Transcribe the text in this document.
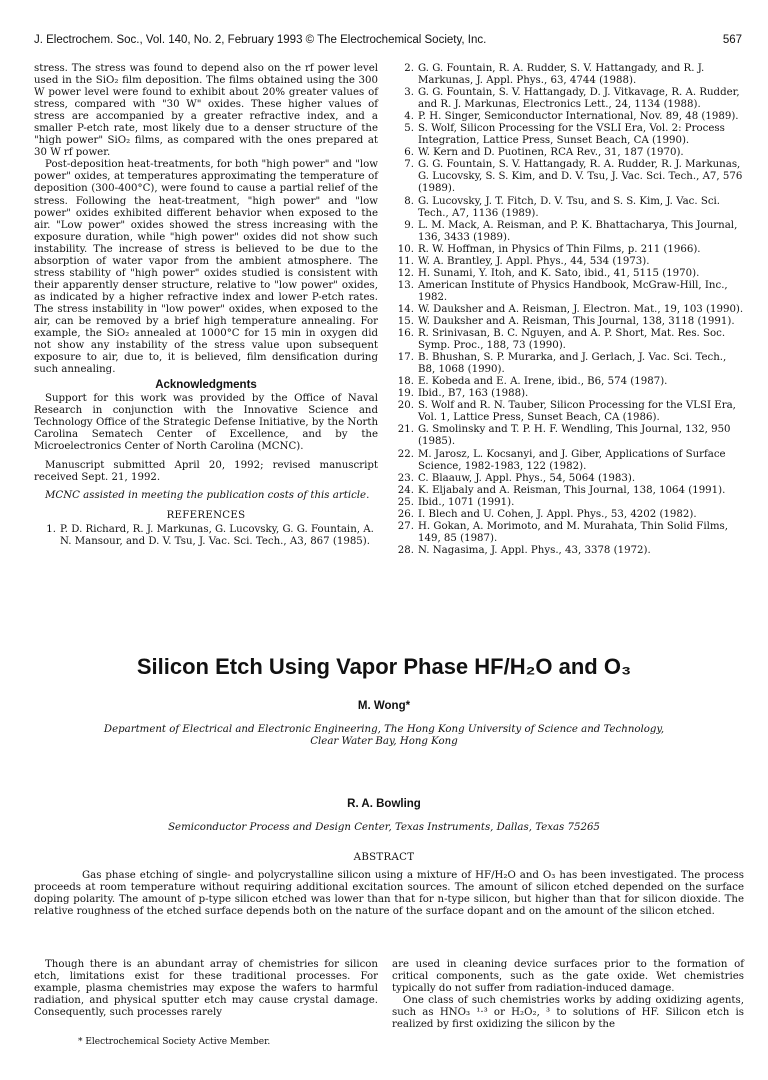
J. Electrochem. Soc., Vol. 140, No. 2, February 1993 © The Electrochemical Society, Inc.	567

stress. The stress was found to depend also on the rf power level used in the SiO₂ film deposition. The films obtained using the 300 W power level were found to exhibit about 20% greater values of stress, compared with "30 W" oxides. These higher values of stress are accompanied by a greater refractive index, and a smaller P-etch rate, most likely due to a denser structure of the "high power" SiO₂ films, as compared with the ones prepared at 30 W rf power.

Post-deposition heat-treatments, for both "high power" and "low power" oxides, at temperatures approximating the temperature of deposition (300-400°C), were found to cause a partial relief of the stress. Following the heat-treatment, "high power" and "low power" oxides exhibited different behavior when exposed to the air. "Low power" oxides showed the stress increasing with the exposure duration, while "high power" oxides did not show such instability. The increase of stress is believed to be due to the absorption of water vapor from the ambient atmosphere. The stress stability of "high power" oxides studied is consistent with their apparently denser structure, relative to "low power" oxides, as indicated by a higher refractive index and lower P-etch rates. The stress instability in "low power" oxides, when exposed to the air, can be removed by a brief high temperature annealing. For example, the SiO₂ annealed at 1000°C for 15 min in oxygen did not show any instability of the stress value upon subsequent exposure to air, due to, it is believed, film densification during such annealing.

Acknowledgments

Support for this work was provided by the Office of Naval Research in conjunction with the Innovative Science and Technology Office of the Strategic Defense Initiative, by the North Carolina Sematech Center of Excellence, and by the Microelectronics Center of North Carolina (MCNC).

Manuscript submitted April 20, 1992; revised manuscript received Sept. 21, 1992.

MCNC assisted in meeting the publication costs of this article.

REFERENCES
1. P. D. Richard, R. J. Markunas, G. Lucovsky, G. G. Fountain, A. N. Mansour, and D. V. Tsu, J. Vac. Sci. Tech., A3, 867 (1985).
2. G. G. Fountain, R. A. Rudder, S. V. Hattangady, and R. J. Markunas, J. Appl. Phys., 63, 4744 (1988).
3. G. G. Fountain, S. V. Hattangady, D. J. Vitkavage, R. A. Rudder, and R. J. Markunas, Electronics Lett., 24, 1134 (1988).
4. P. H. Singer, Semiconductor International, Nov. 89, 48 (1989).
5. S. Wolf, Silicon Processing for the VSLI Era, Vol. 2: Process Integration, Lattice Press, Sunset Beach, CA (1990).
6. W. Kern and D. Puotinen, RCA Rev., 31, 187 (1970).
7. G. G. Fountain, S. V. Hattangady, R. A. Rudder, R. J. Markunas, G. Lucovsky, S. S. Kim, and D. V. Tsu, J. Vac. Sci. Tech., A7, 576 (1989).
8. G. Lucovsky, J. T. Fitch, D. V. Tsu, and S. S. Kim, J. Vac. Sci. Tech., A7, 1136 (1989).
9. L. M. Mack, A. Reisman, and P. K. Bhattacharya, This Journal, 136, 3433 (1989).
10. R. W. Hoffman, in Physics of Thin Films, p. 211 (1966).
11. W. A. Brantley, J. Appl. Phys., 44, 534 (1973).
12. H. Sunami, Y. Itoh, and K. Sato, ibid., 41, 5115 (1970).
13. American Institute of Physics Handbook, McGraw-Hill, Inc., 1982.
14. W. Dauksher and A. Reisman, J. Electron. Mat., 19, 103 (1990).
15. W. Dauksher and A. Reisman, This Journal, 138, 3118 (1991).
16. R. Srinivasan, B. C. Nguyen, and A. P. Short, Mat. Res. Soc. Symp. Proc., 188, 73 (1990).
17. B. Bhushan, S. P. Murarka, and J. Gerlach, J. Vac. Sci. Tech., B8, 1068 (1990).
18. E. Kobeda and E. A. Irene, ibid., B6, 574 (1987).
19. Ibid., B7, 163 (1988).
20. S. Wolf and R. N. Tauber, Silicon Processing for the VLSI Era, Vol. 1, Lattice Press, Sunset Beach, CA (1986).
21. G. Smolinsky and T. P. H. F. Wendling, This Journal, 132, 950 (1985).
22. M. Jarosz, L. Kocsanyi, and J. Giber, Applications of Surface Science, 1982-1983, 122 (1982).
23. C. Blaauw, J. Appl. Phys., 54, 5064 (1983).
24. K. Eljabaly and A. Reisman, This Journal, 138, 1064 (1991).
25. Ibid., 1071 (1991).
26. I. Blech and U. Cohen, J. Appl. Phys., 53, 4202 (1982).
27. H. Gokan, A. Morimoto, and M. Murahata, Thin Solid Films, 149, 85 (1987).
28. N. Nagasima, J. Appl. Phys., 43, 3378 (1972).
Silicon Etch Using Vapor Phase HF/H₂O and O₃
M. Wong*
Department of Electrical and Electronic Engineering, The Hong Kong University of Science and Technology,
Clear Water Bay, Hong Kong
R. A. Bowling
Semiconductor Process and Design Center, Texas Instruments, Dallas, Texas 75265
ABSTRACT
Gas phase etching of single- and polycrystalline silicon using a mixture of HF/H₂O and O₃ has been investigated. The process proceeds at room temperature without requiring additional excitation sources. The amount of silicon etched depended on the surface doping polarity. The amount of p-type silicon etched was lower than that for n-type silicon, but higher than that for silicon dioxide. The relative roughness of the etched surface depends both on the nature of the surface dopant and on the amount of the silicon etched.

Though there is an abundant array of chemistries for silicon etch, limitations exist for these traditional processes. For example, plasma chemistries may expose the wafers to harmful radiation, and physical sputter etch may cause crystal damage. Consequently, such processes rarely

are used in cleaning device surfaces prior to the formation of critical components, such as the gate oxide. Wet chemistries typically do not suffer from radiation-induced damage.

One class of such chemistries works by adding oxidizing agents, such as HNO₃ ¹·³ or H₂O₂, ³ to solutions of HF. Silicon etch is realized by first oxidizing the silicon by the

* Electrochemical Society Active Member.
